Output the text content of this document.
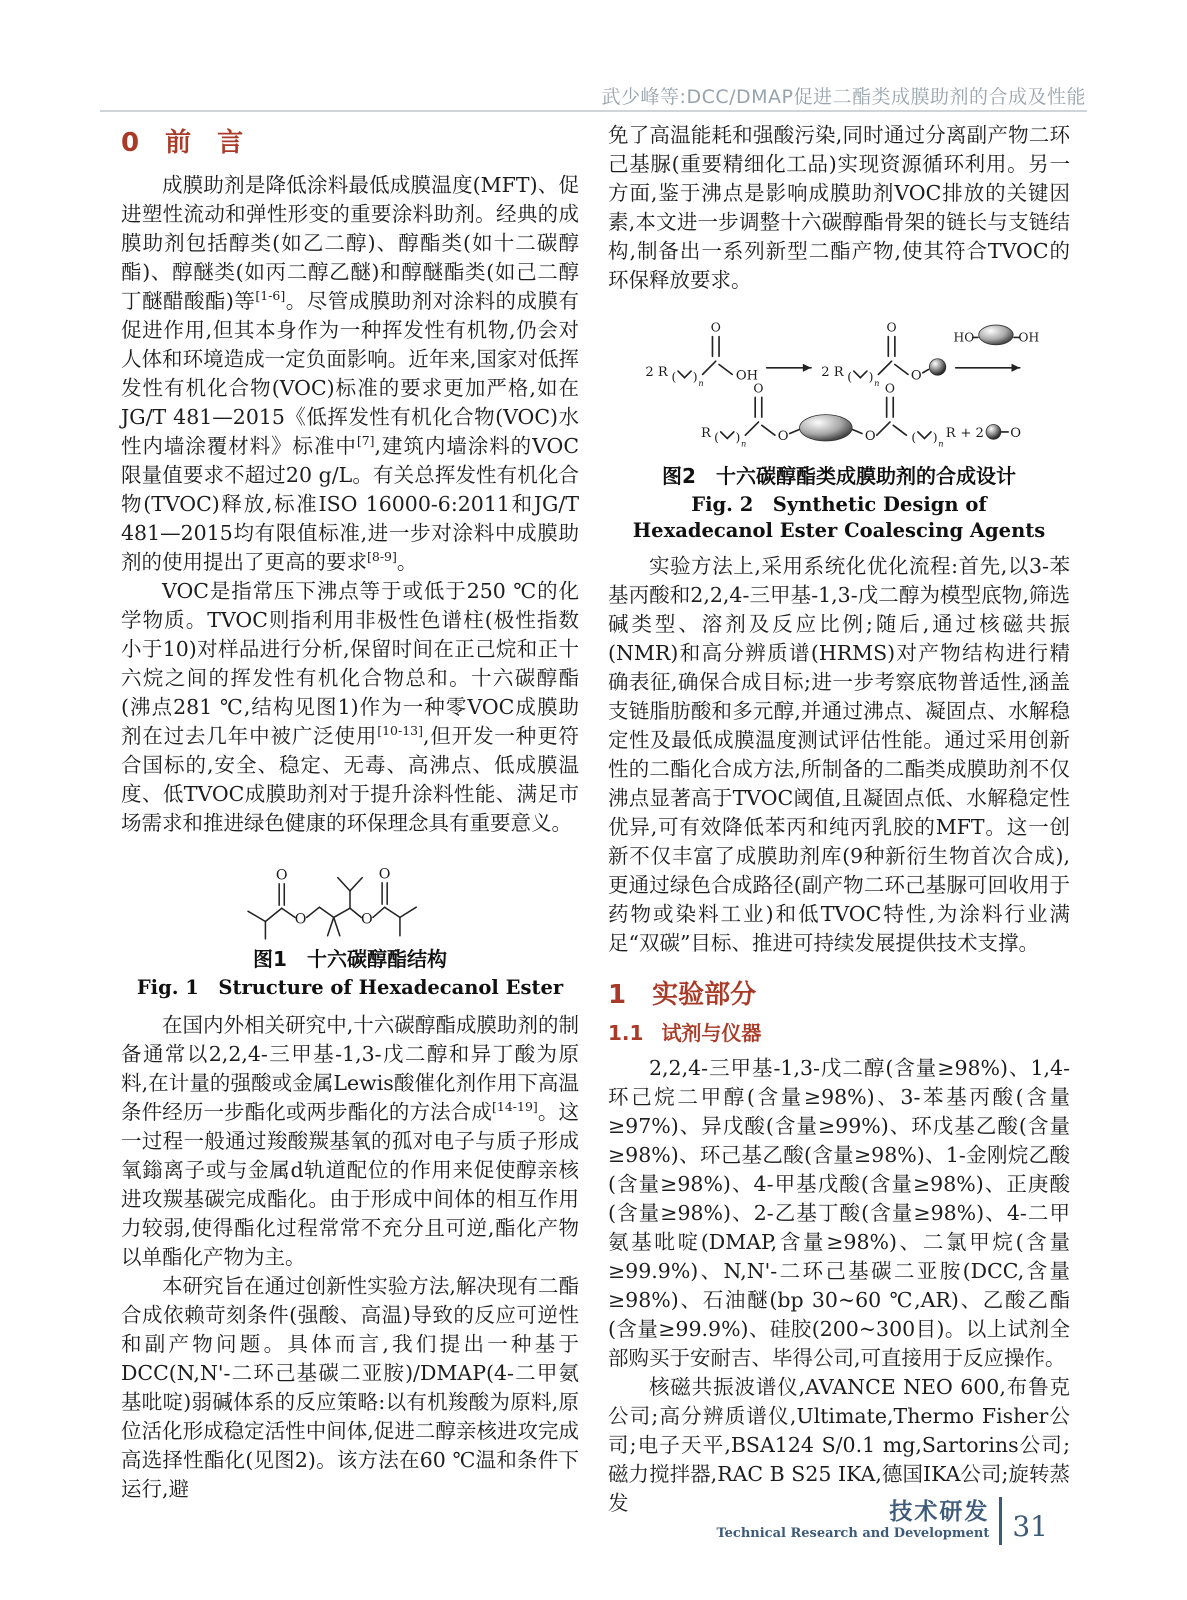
武少峰等:DCC/DMAP促进二酯类成膜助剂的合成及性能
0 前　言

成膜助剂是降低涂料最低成膜温度(MFT)、促进塑性流动和弹性形变的重要涂料助剂。经典的成膜助剂包括醇类(如乙二醇)、醇酯类(如十二碳醇酯)、醇醚类(如丙二醇乙醚)和醇醚酯类(如己二醇丁醚醋酸酯)等[1-6]。尽管成膜助剂对涂料的成膜有促进作用,但其本身作为一种挥发性有机物,仍会对人体和环境造成一定负面影响。近年来,国家对低挥发性有机化合物(VOC)标准的要求更加严格,如在JG/T 481—2015《低挥发性有机化合物(VOC)水性内墙涂覆材料》标准中[7],建筑内墙涂料的VOC限量值要求不超过20 g/L。有关总挥发性有机化合物(TVOC)释放,标准ISO 16000-6:2011和JG/T 481—2015均有限值标准,进一步对涂料中成膜助剂的使用提出了更高的要求[8-9]。

VOC是指常压下沸点等于或低于250 ℃的化学物质。TVOC则指利用非极性色谱柱(极性指数小于10)对样品进行分析,保留时间在正己烷和正十六烷之间的挥发性有机化合物总和。十六碳醇酯(沸点281 ℃,结构见图1)作为一种零VOC成膜助剂在过去几年中被广泛使用[10-13],但开发一种更符合国标的,安全、稳定、无毒、高沸点、低成膜温度、低TVOC成膜助剂对于提升涂料性能、满足市场需求和推进绿色健康的环保理念具有重要意义。

O
O O
O
图1　十六碳醇酯结构
Fig. 1　Structure of Hexadecanol Ester

在国内外相关研究中,十六碳醇酯成膜助剂的制备通常以2,2,4-三甲基-1,3-戊二醇和异丁酸为原料,在计量的强酸或金属Lewis酸催化剂作用下高温条件经历一步酯化或两步酯化的方法合成[14-19]。这一过程一般通过羧酸羰基氧的孤对电子与质子形成氧鎓离子或与金属d轨道配位的作用来促使醇亲核进攻羰基碳完成酯化。由于形成中间体的相互作用力较弱,使得酯化过程常常不充分且可逆,酯化产物以单酯化产物为主。

本研究旨在通过创新性实验方法,解决现有二酯合成依赖苛刻条件(强酸、高温)导致的反应可逆性和副产物问题。具体而言,我们提出一种基于DCC(N,N'-二环己基碳二亚胺)/DMAP(4-二甲氨基吡啶)弱碱体系的反应策略:以有机羧酸为原料,原位活化形成稳定活性中间体,促进二醇亲核进攻完成高选择性酯化(见图2)。该方法在60 ℃温和条件下运行,避

免了高温能耗和强酸污染,同时通过分离副产物二环己基脲(重要精细化工品)实现资源循环利用。另一方面,鉴于沸点是影响成膜助剂VOC排放的关键因素,本文进一步调整十六碳醇酯骨架的链长与支链结构,制备出一系列新型二酯产物,使其符合TVOC的环保释放要求。

2 R ( ) n
O
OH	2 R ( ) n
O
O
HO	OH
R ( ) n
O
O	O
O
( ) n
R + 2 O
图2　十六碳醇酯类成膜助剂的合成设计
Fig. 2　Synthetic Design of Hexadecanol Ester Coalescing Agents

实验方法上,采用系统化优化流程:首先,以3-苯基丙酸和2,2,4-三甲基-1,3-戊二醇为模型底物,筛选碱类型、溶剂及反应比例;随后,通过核磁共振(NMR)和高分辨质谱(HRMS)对产物结构进行精确表征,确保合成目标;进一步考察底物普适性,涵盖支链脂肪酸和多元醇,并通过沸点、凝固点、水解稳定性及最低成膜温度测试评估性能。通过采用创新性的二酯化合成方法,所制备的二酯类成膜助剂不仅沸点显著高于TVOC阈值,且凝固点低、水解稳定性优异,可有效降低苯丙和纯丙乳胶的MFT。这一创新不仅丰富了成膜助剂库(9种新衍生物首次合成),更通过绿色合成路径(副产物二环己基脲可回收用于药物或染料工业)和低TVOC特性,为涂料行业满足“双碳”目标、推进可持续发展提供技术支撑。

1 实验部分
1.1 试剂与仪器

2,2,4-三甲基-1,3-戊二醇(含量≥98%)、1,4-环己烷二甲醇(含量≥98%)、3-苯基丙酸(含量≥97%)、异戊酸(含量≥99%)、环戊基乙酸(含量≥98%)、环己基乙酸(含量≥98%)、1-金刚烷乙酸(含量≥98%)、4-甲基戊酸(含量≥98%)、正庚酸(含量≥98%)、2-乙基丁酸(含量≥98%)、4-二甲氨基吡啶(DMAP,含量≥98%)、二氯甲烷(含量≥99.9%)、N,N'-二环己基碳二亚胺(DCC,含量≥98%)、石油醚(bp 30~60 ℃,AR)、乙酸乙酯(含量≥99.9%)、硅胶(200~300目)。以上试剂全部购买于安耐吉、毕得公司,可直接用于反应操作。

核磁共振波谱仪,AVANCE NEO 600,布鲁克公司;高分辨质谱仪,Ultimate,Thermo Fisher公司;电子天平,BSA124 S/0.1 mg,Sartorins公司;磁力搅拌器,RAC B S25 IKA,德国IKA公司;旋转蒸发	技术研发
Technical Research and Development 31
